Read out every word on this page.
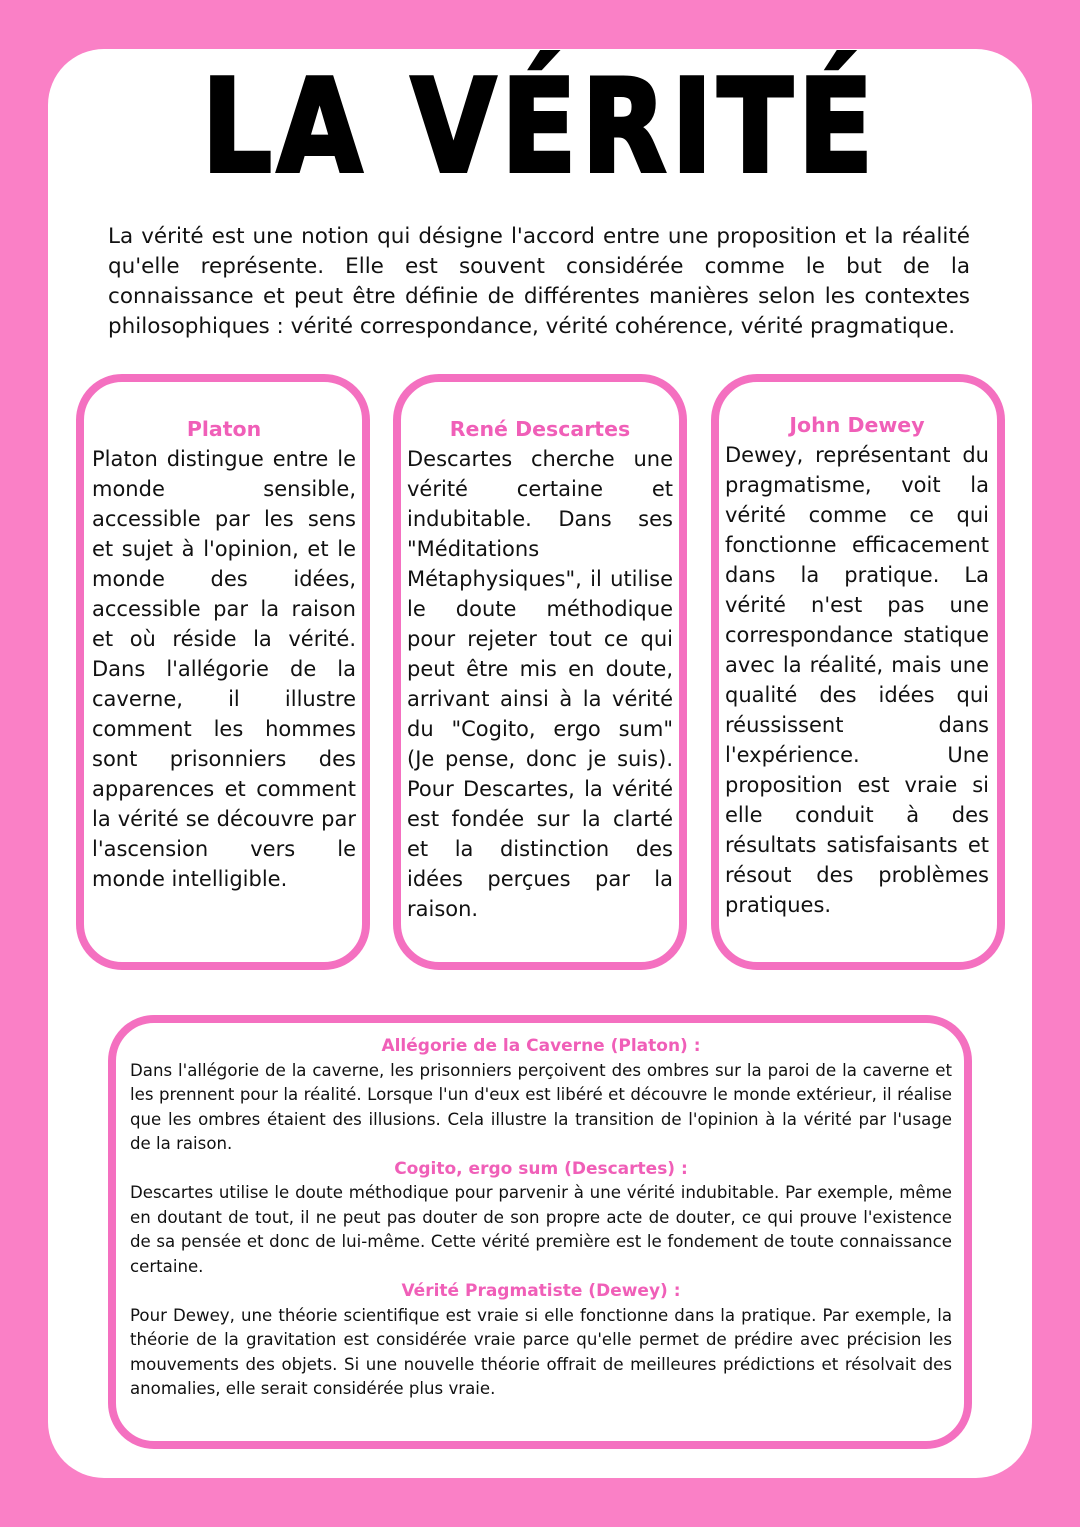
LA VÉRITÉ

La vérité est une notion qui désigne l'accord entre une proposition et la réalité qu'elle représente. Elle est souvent considérée comme le but de la connaissance et peut être définie de différentes manières selon les contextes philosophiques : vérité correspondance, vérité cohérence, vérité pragmatique.

Platon

Platon distingue entre le monde sensible, accessible par les sens et sujet à l'opinion, et le monde des idées, accessible par la raison et où réside la vérité. Dans l'allégorie de la caverne, il illustre comment les hommes sont prisonniers des apparences et comment la vérité se découvre par l'ascension vers le monde intelligible.

René Descartes

Descartes cherche une vérité certaine et indubitable. Dans ses "Méditations Métaphysiques", il utilise le doute méthodique pour rejeter tout ce qui peut être mis en doute, arrivant ainsi à la vérité du "Cogito, ergo sum" (Je pense, donc je suis). Pour Descartes, la vérité est fondée sur la clarté et la distinction des idées perçues par la raison.

John Dewey

Dewey, représentant du pragmatisme, voit la vérité comme ce qui fonctionne efficacement dans la pratique. La vérité n'est pas une correspondance statique avec la réalité, mais une qualité des idées qui réussissent dans l'expérience. Une proposition est vraie si elle conduit à des résultats satisfaisants et résout des problèmes pratiques.

Allégorie de la Caverne (Platon) :

Dans l'allégorie de la caverne, les prisonniers perçoivent des ombres sur la paroi de la caverne et les prennent pour la réalité. Lorsque l'un d'eux est libéré et découvre le monde extérieur, il réalise que les ombres étaient des illusions. Cela illustre la transition de l'opinion à la vérité par l'usage de la raison.

Cogito, ergo sum (Descartes) :

Descartes utilise le doute méthodique pour parvenir à une vérité indubitable. Par exemple, même en doutant de tout, il ne peut pas douter de son propre acte de douter, ce qui prouve l'existence de sa pensée et donc de lui-même. Cette vérité première est le fondement de toute connaissance certaine.

Vérité Pragmatiste (Dewey) :

Pour Dewey, une théorie scientifique est vraie si elle fonctionne dans la pratique. Par exemple, la théorie de la gravitation est considérée vraie parce qu'elle permet de prédire avec précision les mouvements des objets. Si une nouvelle théorie offrait de meilleures prédictions et résolvait des anomalies, elle serait considérée plus vraie.
